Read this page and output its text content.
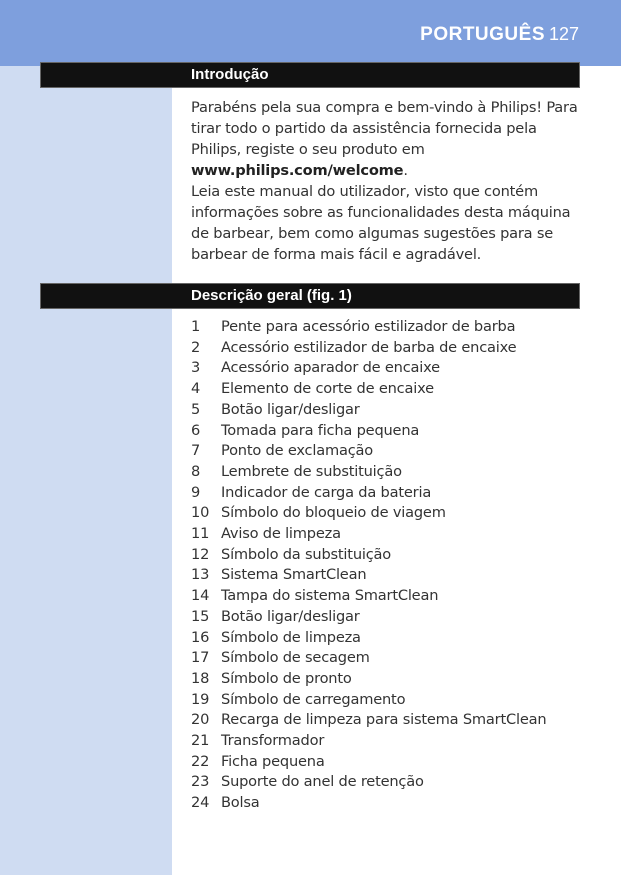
PORTUGUÊS 127
Introdução

Parabéns pela sua compra e bem-vindo à Philips! Para tirar todo o partido da assistência fornecida pela Philips, registe o seu produto em www.philips.com/welcome.

Leia este manual do utilizador, visto que contém informações sobre as funcionalidades desta máquina de barbear, bem como algumas sugestões para se barbear de forma mais fácil e agradável.

Descrição geral (fig. 1)
1 Pente para acessório estilizador de barba
2 Acessório estilizador de barba de encaixe
3 Acessório aparador de encaixe
4 Elemento de corte de encaixe
5 Botão ligar/desligar
6 Tomada para ficha pequena
7 Ponto de exclamação
8 Lembrete de substituição
9 Indicador de carga da bateria
10 Símbolo do bloqueio de viagem
11 Aviso de limpeza
12 Símbolo da substituição
13 Sistema SmartClean
14 Tampa do sistema SmartClean
15 Botão ligar/desligar
16 Símbolo de limpeza
17 Símbolo de secagem
18 Símbolo de pronto
19 Símbolo de carregamento
20 Recarga de limpeza para sistema SmartClean
21 Transformador
22 Ficha pequena
23 Suporte do anel de retenção
24 Bolsa
